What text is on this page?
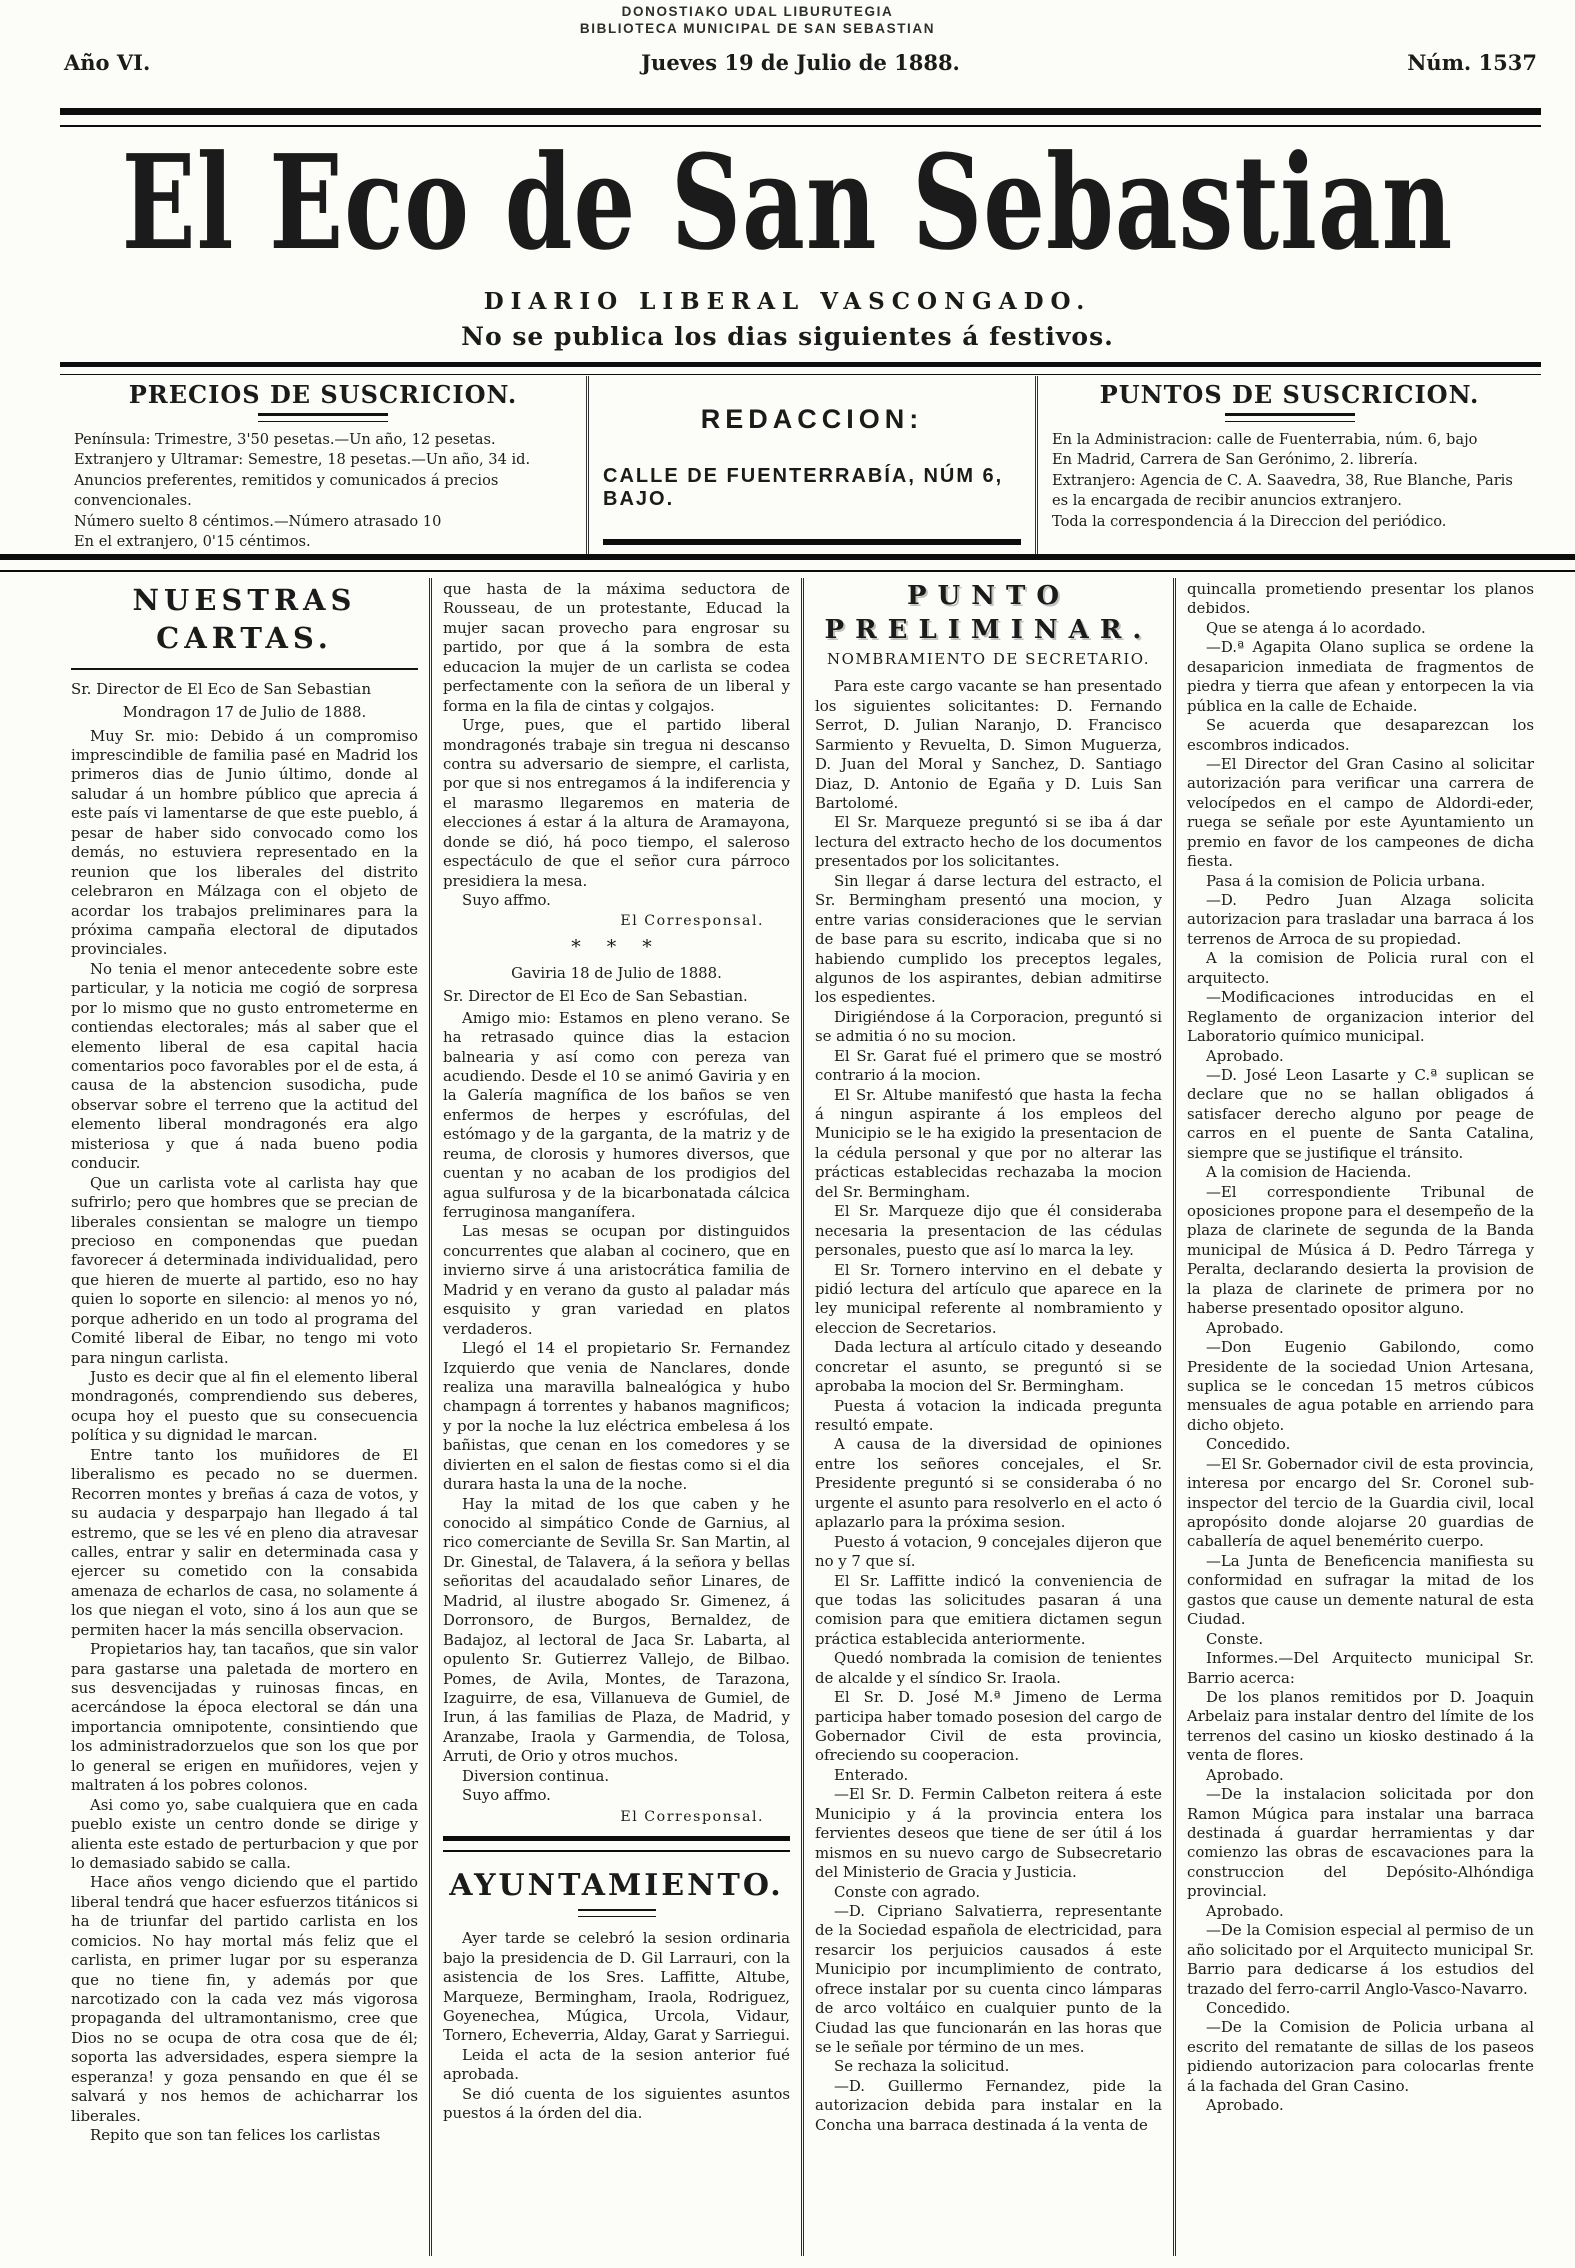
DONOSTIAKO UDAL LIBURUTEGIA
BIBLIOTECA MUNICIPAL DE SAN SEBASTIAN
Año VI.	Jueves 19 de Julio de 1888.	Núm. 1537
El Eco de San Sebastian
DIARIO LIBERAL VASCONGADO.
No se publica los dias siguientes á festivos.
PRECIOS DE SUSCRICION.
Península: Trimestre, 3'50 pesetas.—Un año, 12 pesetas.
Extranjero y Ultramar: Semestre, 18 pesetas.—Un año, 34 id.
Anuncios preferentes, remitidos y comunicados á precios convencionales.
Número suelto 8 céntimos.—Número atrasado 10
En el extranjero, 0'15 céntimos.
REDACCION:
CALLE DE FUENTERRABÍA, NÚM 6, BAJO.
PUNTOS DE SUSCRICION.
En la Administracion: calle de Fuenterrabia, núm. 6, bajo
En Madrid, Carrera de San Gerónimo, 2. librería.
Extranjero: Agencia de C. A. Saavedra, 38, Rue Blanche, Paris es la encargada de recibir anuncios extranjero.
Toda la correspondencia á la Direccion del periódico.
NUESTRAS CARTAS.
Sr. Director de El Eco de San Sebastian
Mondragon 17 de Julio de 1888.
Muy Sr. mio: Debido á un compromiso imprescindible de familia pasé en Madrid los primeros dias de Junio último, donde al saludar á un hombre público que aprecia á este país vi lamentarse de que este pueblo, á pesar de haber sido convocado como los demás, no estuviera representado en la reunion que los liberales del distrito celebraron en Málzaga con el objeto de acordar los trabajos preliminares para la próxima campaña electoral de diputados provinciales.
No tenia el menor antecedente sobre este particular, y la noticia me cogió de sorpresa por lo mismo que no gusto entrometerme en contiendas electorales; más al saber que el elemento liberal de esa capital hacia comentarios poco favorables por el de esta, á causa de la abstencion susodicha, pude observar sobre el terreno que la actitud del elemento liberal mondragonés era algo misteriosa y que á nada bueno podia conducir.
Que un carlista vote al carlista hay que sufrirlo; pero que hombres que se precian de liberales consientan se malogre un tiempo precioso en componendas que puedan favorecer á determinada individualidad, pero que hieren de muerte al partido, eso no hay quien lo soporte en silencio: al menos yo nó, porque adherido en un todo al programa del Comité liberal de Eibar, no tengo mi voto para ningun carlista.
Justo es decir que al fin el elemento liberal mondragonés, comprendiendo sus deberes, ocupa hoy el puesto que su consecuencia política y su dignidad le marcan.
Entre tanto los muñidores de El liberalismo es pecado no se duermen. Recorren montes y breñas á caza de votos, y su audacia y desparpajo han llegado á tal estremo, que se les vé en pleno dia atravesar calles, entrar y salir en determinada casa y ejercer su cometido con la consabida amenaza de echarlos de casa, no solamente á los que niegan el voto, sino á los aun que se permiten hacer la más sencilla observacion.
Propietarios hay, tan tacaños, que sin valor para gastarse una paletada de mortero en sus desvencijadas y ruinosas fincas, en acercándose la época electoral se dán una importancia omnipotente, consintiendo que los administradorzuelos que son los que por lo general se erigen en muñidores, vejen y maltraten á los pobres colonos.
Asi como yo, sabe cualquiera que en cada pueblo existe un centro donde se dirige y alienta este estado de perturbacion y que por lo demasiado sabido se calla.
Hace años vengo diciendo que el partido liberal tendrá que hacer esfuerzos titánicos si ha de triunfar del partido carlista en los comicios. No hay mortal más feliz que el carlista, en primer lugar por su esperanza que no tiene fin, y además por que narcotizado con la cada vez más vigorosa propaganda del ultramontanismo, cree que Dios no se ocupa de otra cosa que de él; soporta las adversidades, espera siempre la esperanza! y goza pensando en que él se salvará y nos hemos de achicharrar los liberales.
Repito que son tan felices los carlistas
que hasta de la máxima seductora de Rousseau, de un protestante, Educad la mujer sacan provecho para engrosar su partido, por que á la sombra de esta educacion la mujer de un carlista se codea perfectamente con la señora de un liberal y forma en la fila de cintas y colgajos.
Urge, pues, que el partido liberal mondragonés trabaje sin tregua ni descanso contra su adversario de siempre, el carlista, por que si nos entregamos á la indiferencia y el marasmo llegaremos en materia de elecciones á estar á la altura de Aramayona, donde se dió, há poco tiempo, el saleroso espectáculo de que el señor cura párroco presidiera la mesa.
Suyo affmo.
El Corresponsal.
* * *
Gaviria 18 de Julio de 1888.
Sr. Director de El Eco de San Sebastian.
Amigo mio: Estamos en pleno verano. Se ha retrasado quince dias la estacion balnearia y así como con pereza van acudiendo. Desde el 10 se animó Gaviria y en la Galería magnífica de los baños se ven enfermos de herpes y escrófulas, del estómago y de la garganta, de la matriz y de reuma, de clorosis y humores diversos, que cuentan y no acaban de los prodigios del agua sulfurosa y de la bicarbonatada cálcica ferruginosa manganífera.
Las mesas se ocupan por distinguidos concurrentes que alaban al cocinero, que en invierno sirve á una aristocrática familia de Madrid y en verano da gusto al paladar más esquisito y gran variedad en platos verdaderos.
Llegó el 14 el propietario Sr. Fernandez Izquierdo que venia de Nanclares, donde realiza una maravilla balnealógica y hubo champagn á torrentes y habanos magnificos; y por la noche la luz eléctrica embelesa á los bañistas, que cenan en los comedores y se divierten en el salon de fiestas como si el dia durara hasta la una de la noche.
Hay la mitad de los que caben y he conocido al simpático Conde de Garnius, al rico comerciante de Sevilla Sr. San Martin, al Dr. Ginestal, de Talavera, á la señora y bellas señoritas del acaudalado señor Linares, de Madrid, al ilustre abogado Sr. Gimenez, á Dorronsoro, de Burgos, Bernaldez, de Badajoz, al lectoral de Jaca Sr. Labarta, al opulento Sr. Gutierrez Vallejo, de Bilbao. Pomes, de Avila, Montes, de Tarazona, Izaguirre, de esa, Villanueva de Gumiel, de Irun, á las familias de Plaza, de Madrid, y Aranzabe, Iraola y Garmendia, de Tolosa, Arruti, de Orio y otros muchos.
Diversion continua.
Suyo affmo.
El Corresponsal.
AYUNTAMIENTO.
Ayer tarde se celebró la sesion ordinaria bajo la presidencia de D. Gil Larrauri, con la asistencia de los Sres. Laffitte, Altube, Marqueze, Bermingham, Iraola, Rodriguez, Goyenechea, Múgica, Urcola, Vidaur, Tornero, Echeverria, Alday, Garat y Sarriegui.
Leida el acta de la sesion anterior fué aprobada.
Se dió cuenta de los siguientes asuntos puestos á la órden del dia.
PUNTO PRELIMINAR.
NOMBRAMIENTO DE SECRETARIO.
Para este cargo vacante se han presentado los siguientes solicitantes: D. Fernando Serrot, D. Julian Naranjo, D. Francisco Sarmiento y Revuelta, D. Simon Muguerza, D. Juan del Moral y Sanchez, D. Santiago Diaz, D. Antonio de Egaña y D. Luis San Bartolomé.
El Sr. Marqueze preguntó si se iba á dar lectura del extracto hecho de los documentos presentados por los solicitantes.
Sin llegar á darse lectura del estracto, el Sr. Bermingham presentó una mocion, y entre varias consideraciones que le servian de base para su escrito, indicaba que si no habiendo cumplido los preceptos legales, algunos de los aspirantes, debian admitirse los espedientes.
Dirigiéndose á la Corporacion, preguntó si se admitia ó no su mocion.
El Sr. Garat fué el primero que se mostró contrario á la mocion.
El Sr. Altube manifestó que hasta la fecha á ningun aspirante á los empleos del Municipio se le ha exigido la presentacion de la cédula personal y que por no alterar las prácticas establecidas rechazaba la mocion del Sr. Bermingham.
El Sr. Marqueze dijo que él consideraba necesaria la presentacion de las cédulas personales, puesto que así lo marca la ley.
El Sr. Tornero intervino en el debate y pidió lectura del artículo que aparece en la ley municipal referente al nombramiento y eleccion de Secretarios.
Dada lectura al artículo citado y deseando concretar el asunto, se preguntó si se aprobaba la mocion del Sr. Bermingham.
Puesta á votacion la indicada pregunta resultó empate.
A causa de la diversidad de opiniones entre los señores concejales, el Sr. Presidente preguntó si se consideraba ó no urgente el asunto para resolverlo en el acto ó aplazarlo para la próxima sesion.
Puesto á votacion, 9 concejales dijeron que no y 7 que sí.
El Sr. Laffitte indicó la conveniencia de que todas las solicitudes pasaran á una comision para que emitiera dictamen segun práctica establecida anteriormente.
Quedó nombrada la comision de tenientes de alcalde y el síndico Sr. Iraola.
El Sr. D. José M.ª Jimeno de Lerma participa haber tomado posesion del cargo de Gobernador Civil de esta provincia, ofreciendo su cooperacion.
Enterado.
—El Sr. D. Fermin Calbeton reitera á este Municipio y á la provincia entera los fervientes deseos que tiene de ser útil á los mismos en su nuevo cargo de Subsecretario del Ministerio de Gracia y Justicia.
Conste con agrado.
—D. Cipriano Salvatierra, representante de la Sociedad española de electricidad, para resarcir los perjuicios causados á este Municipio por incumplimiento de contrato, ofrece instalar por su cuenta cinco lámparas de arco voltáico en cualquier punto de la Ciudad las que funcionarán en las horas que se le señale por término de un mes.
Se rechaza la solicitud.
—D. Guillermo Fernandez, pide la autorizacion debida para instalar en la Concha una barraca destinada á la venta de
quincalla prometiendo presentar los planos debidos.
Que se atenga á lo acordado.
—D.ª Agapita Olano suplica se ordene la desaparicion inmediata de fragmentos de piedra y tierra que afean y entorpecen la via pública en la calle de Echaide.
Se acuerda que desaparezcan los escombros indicados.
—El Director del Gran Casino al solicitar autorización para verificar una carrera de velocípedos en el campo de Aldordi-eder, ruega se señale por este Ayuntamiento un premio en favor de los campeones de dicha fiesta.
Pasa á la comision de Policia urbana.
—D. Pedro Juan Alzaga solicita autorizacion para trasladar una barraca á los terrenos de Arroca de su propiedad.
A la comision de Policia rural con el arquitecto.
—Modificaciones introducidas en el Reglamento de organizacion interior del Laboratorio químico municipal.
Aprobado.
—D. José Leon Lasarte y C.ª suplican se declare que no se hallan obligados á satisfacer derecho alguno por peage de carros en el puente de Santa Catalina, siempre que se justifique el tránsito.
A la comision de Hacienda.
—El correspondiente Tribunal de oposiciones propone para el desempeño de la plaza de clarinete de segunda de la Banda municipal de Música á D. Pedro Tárrega y Peralta, declarando desierta la provision de la plaza de clarinete de primera por no haberse presentado opositor alguno.
Aprobado.
—Don Eugenio Gabilondo, como Presidente de la sociedad Union Artesana, suplica se le concedan 15 metros cúbicos mensuales de agua potable en arriendo para dicho objeto.
Concedido.
—El Sr. Gobernador civil de esta provincia, interesa por encargo del Sr. Coronel sub-inspector del tercio de la Guardia civil, local apropósito donde alojarse 20 guardias de caballería de aquel benemérito cuerpo.
—La Junta de Beneficencia manifiesta su conformidad en sufragar la mitad de los gastos que cause un demente natural de esta Ciudad.
Conste.
Informes.—Del Arquitecto municipal Sr. Barrio acerca:
De los planos remitidos por D. Joaquin Arbelaiz para instalar dentro del límite de los terrenos del casino un kiosko destinado á la venta de flores.
Aprobado.
—De la instalacion solicitada por don Ramon Múgica para instalar una barraca destinada á guardar herramientas y dar comienzo las obras de escavaciones para la construccion del Depósito-Alhóndiga provincial.
Aprobado.
—De la Comision especial al permiso de un año solicitado por el Arquitecto municipal Sr. Barrio para dedicarse á los estudios del trazado del ferro-carril Anglo-Vasco-Navarro.
Concedido.
—De la Comision de Policia urbana al escrito del rematante de sillas de los paseos pidiendo autorizacion para colocarlas frente á la fachada del Gran Casino.
Aprobado.
